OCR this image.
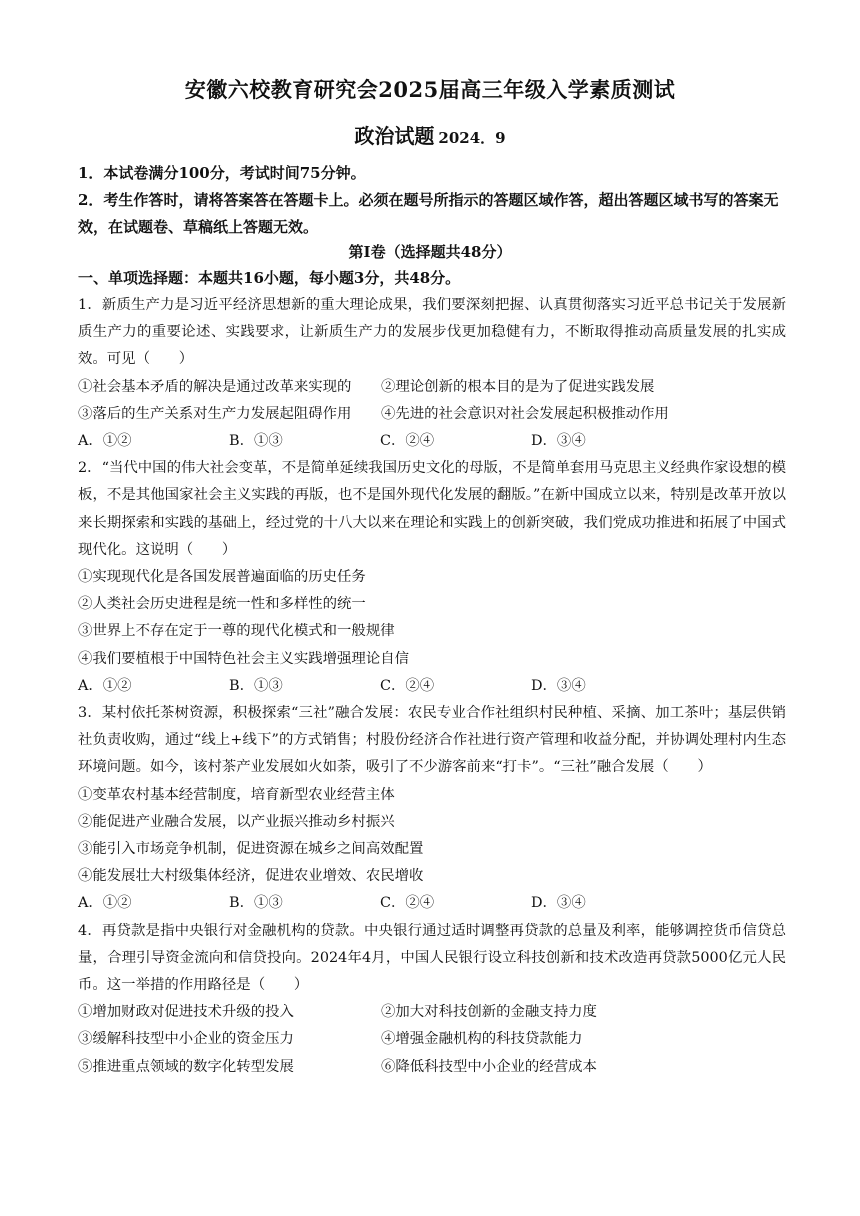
安徽六校教育研究会2025届高三年级入学素质测试
政治试题 2024．9
1．本试卷满分100分，考试时间75分钟。
2．考生作答时，请将答案答在答题卡上。必须在题号所指示的答题区域作答，超出答题区域书写的答案无效，在试题卷、草稿纸上答题无效。
第Ⅰ卷（选择题共48分）
一、单项选择题：本题共16小题，每小题3分，共48分。

1．新质生产力是习近平经济思想新的重大理论成果，我们要深刻把握、认真贯彻落实习近平总书记关于发展新质生产力的重要论述、实践要求，让新质生产力的发展步伐更加稳健有力，不断取得推动高质量发展的扎实成效。可见（　　）

①社会基本矛盾的解决是通过改革来实现的	②理论创新的根本目的是为了促进实践发展
③落后的生产关系对生产力发展起阻碍作用	④先进的社会意识对社会发展起积极推动作用
A．①②	B．①③	C．②④	D．③④

2．“当代中国的伟大社会变革，不是简单延续我国历史文化的母版，不是简单套用马克思主义经典作家设想的模板，不是其他国家社会主义实践的再版，也不是国外现代化发展的翻版。”在新中国成立以来，特别是改革开放以来长期探索和实践的基础上，经过党的十八大以来在理论和实践上的创新突破，我们党成功推进和拓展了中国式现代化。这说明（　　）

①实现现代化是各国发展普遍面临的历史任务

②人类社会历史进程是统一性和多样性的统一

③世界上不存在定于一尊的现代化模式和一般规律

④我们要植根于中国特色社会主义实践增强理论自信

A．①②	B．①③	C．②④	D．③④

3．某村依托茶树资源，积极探索“三社”融合发展：农民专业合作社组织村民种植、采摘、加工茶叶；基层供销社负责收购，通过“线上+线下”的方式销售；村股份经济合作社进行资产管理和收益分配，并协调处理村内生态环境问题。如今，该村茶产业发展如火如荼，吸引了不少游客前来“打卡”。“三社”融合发展（　　）

①变革农村基本经营制度，培育新型农业经营主体

②能促进产业融合发展，以产业振兴推动乡村振兴

③能引入市场竞争机制，促进资源在城乡之间高效配置

④能发展壮大村级集体经济，促进农业增效、农民增收

A．①②	B．①③	C．②④	D．③④

4．再贷款是指中央银行对金融机构的贷款。中央银行通过适时调整再贷款的总量及利率，能够调控货币信贷总量，合理引导资金流向和信贷投向。2024年4月，中国人民银行设立科技创新和技术改造再贷款5000亿元人民币。这一举措的作用路径是（　　）

①增加财政对促进技术升级的投入	②加大对科技创新的金融支持力度
③缓解科技型中小企业的资金压力	④增强金融机构的科技贷款能力
⑤推进重点领域的数字化转型发展	⑥降低科技型中小企业的经营成本
